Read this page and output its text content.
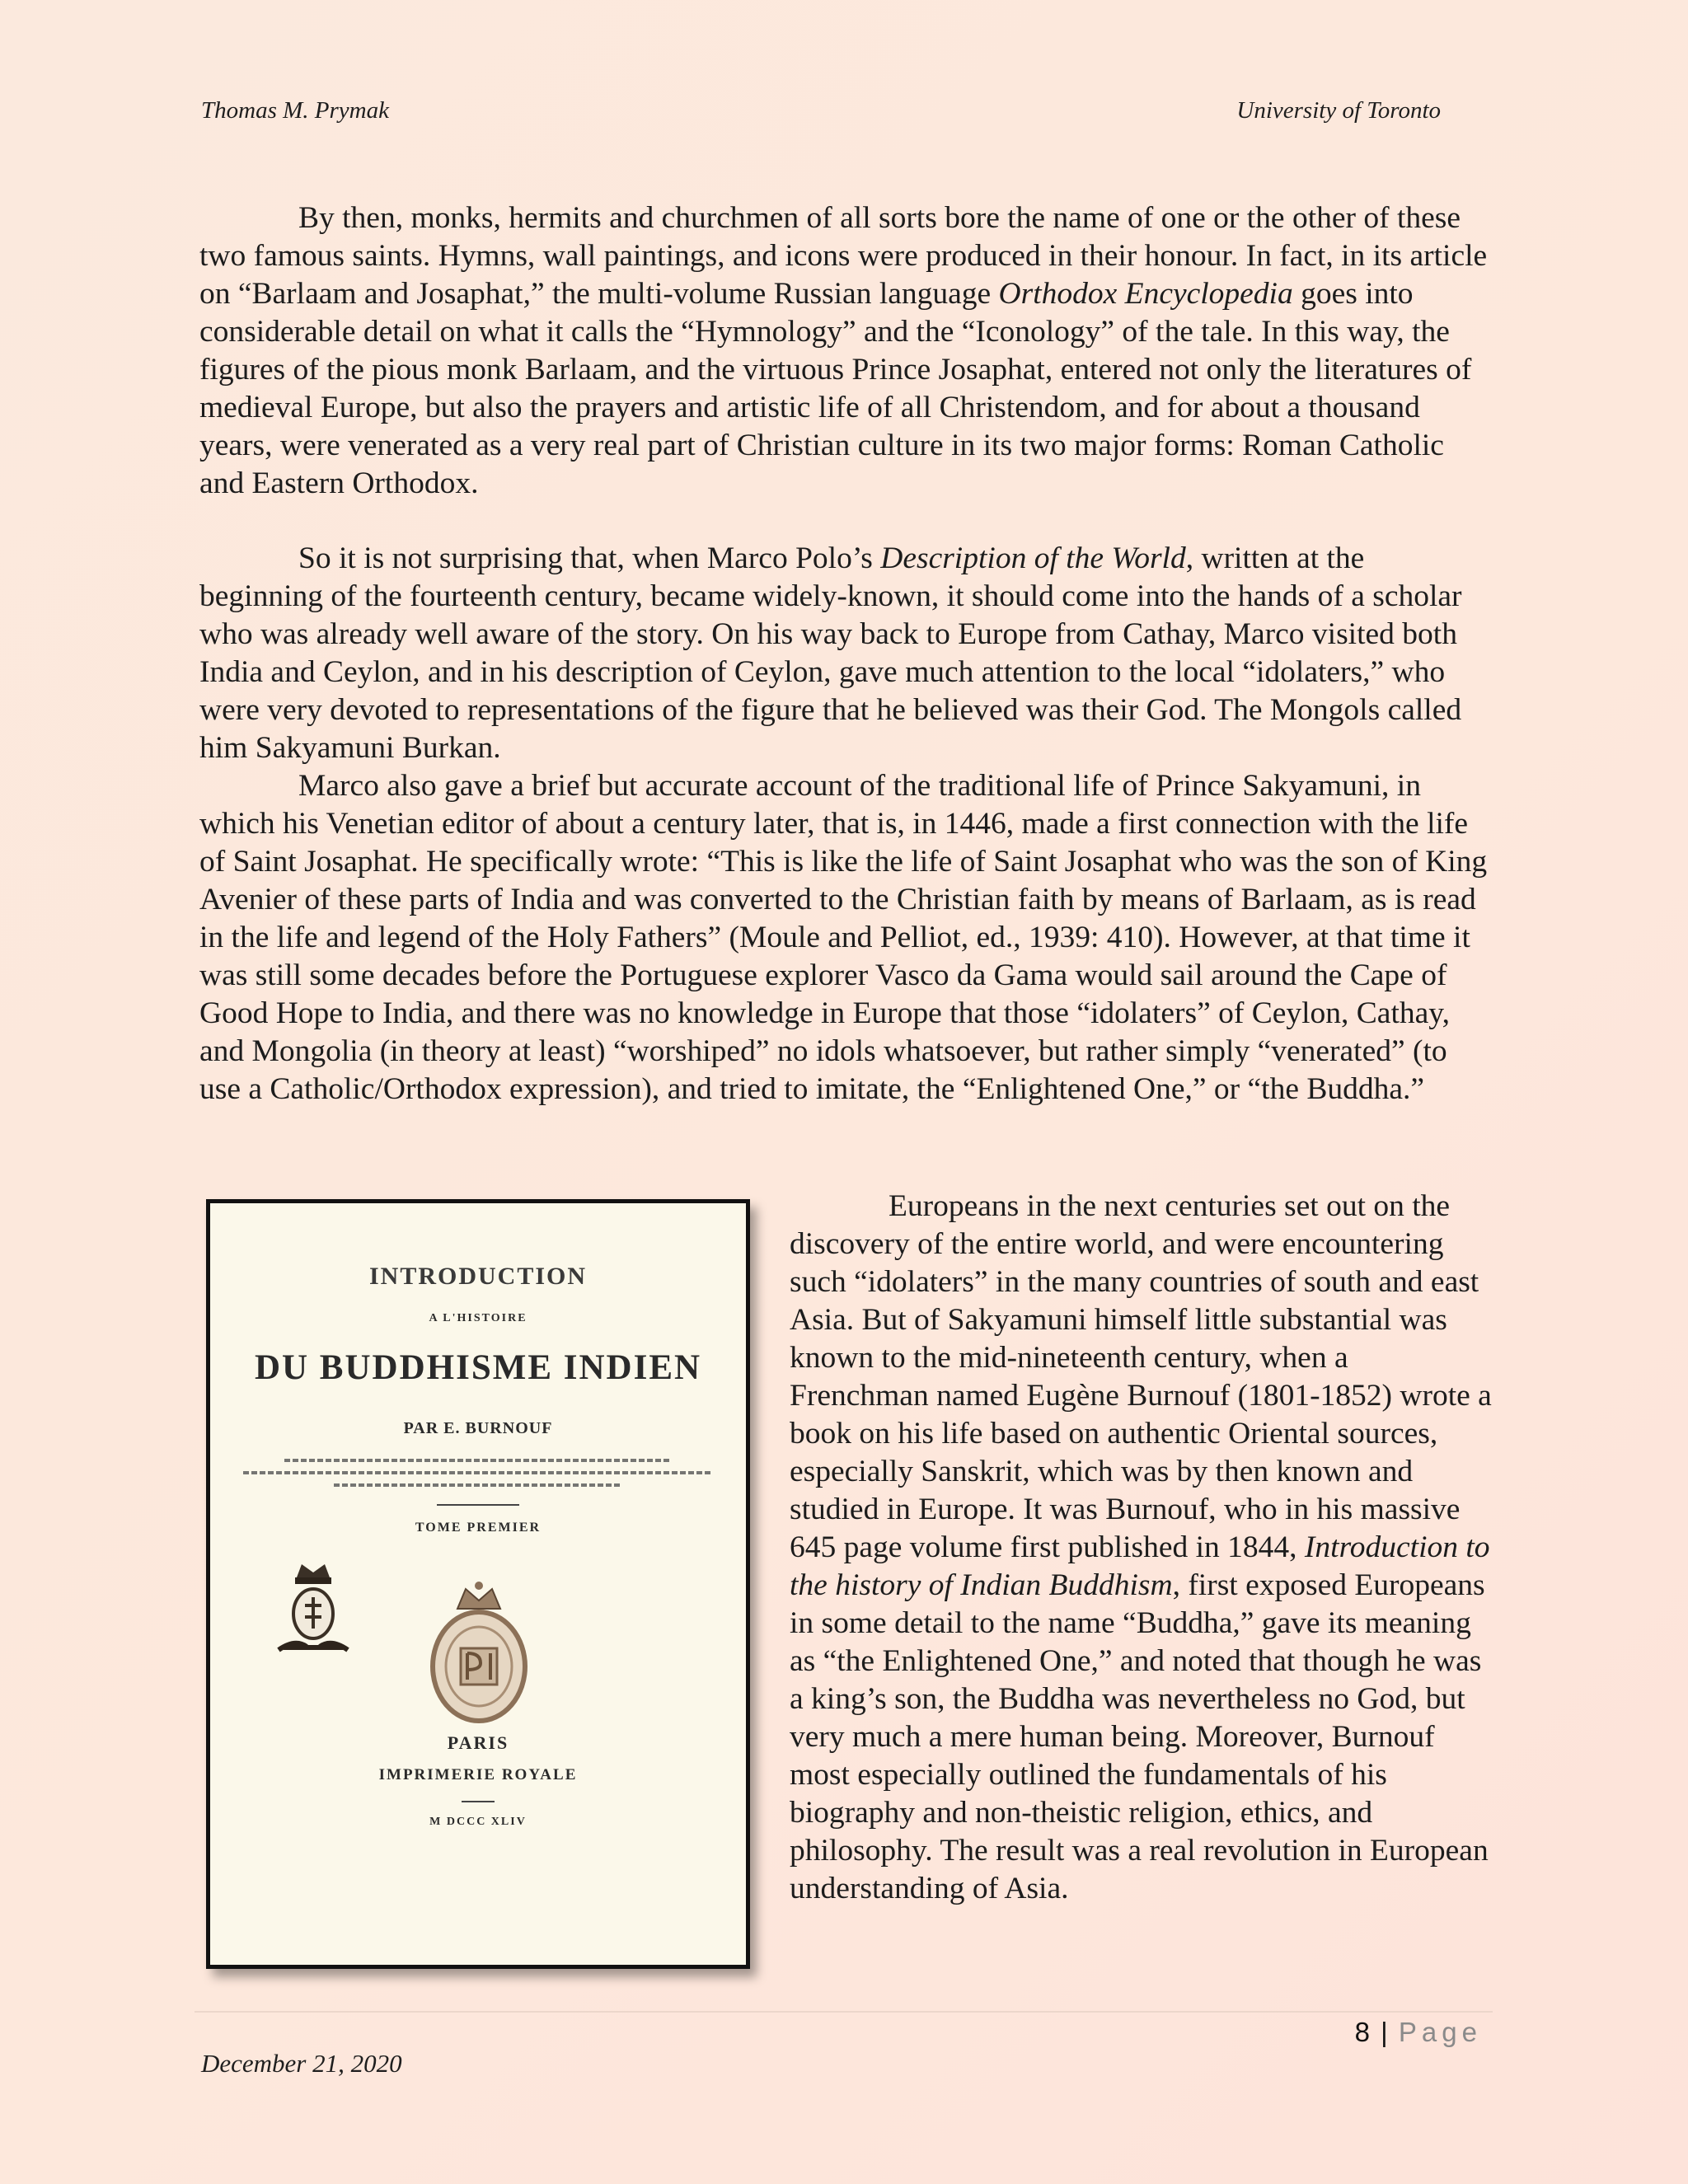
Thomas M. Prymak	University of Toronto

By then, monks, hermits and churchmen of all sorts bore the name of one or the other of these two famous saints. Hymns, wall paintings, and icons were produced in their honour. In fact, in its article on “Barlaam and Josaphat,” the multi-volume Russian language Orthodox Encyclopedia goes into considerable detail on what it calls the “Hymnology” and the “Iconology” of the tale. In this way, the figures of the pious monk Barlaam, and the virtuous Prince Josaphat, entered not only the literatures of medieval Europe, but also the prayers and artistic life of all Christendom, and for about a thousand years, were venerated as a very real part of Christian culture in its two major forms: Roman Catholic and Eastern Orthodox.

So it is not surprising that, when Marco Polo’s Description of the World, written at the beginning of the fourteenth century, became widely-known, it should come into the hands of a scholar who was already well aware of the story. On his way back to Europe from Cathay, Marco visited both India and Ceylon, and in his description of Ceylon, gave much attention to the local “idolaters,” who were very devoted to representations of the figure that he believed was their God. The Mongols called him Sakyamuni Burkan.

Marco also gave a brief but accurate account of the traditional life of Prince Sakyamuni, in which his Venetian editor of about a century later, that is, in 1446, made a first connection with the life of Saint Josaphat. He specifically wrote: “This is like the life of Saint Josaphat who was the son of King Avenier of these parts of India and was converted to the Christian faith by means of Barlaam, as is read in the life and legend of the Holy Fathers” (Moule and Pelliot, ed., 1939: 410). However, at that time it was still some decades before the Portuguese explorer Vasco da Gama would sail around the Cape of Good Hope to India, and there was no knowledge in Europe that those “idolaters” of Ceylon, Cathay, and Mongolia (in theory at least) “worshiped” no idols whatsoever, but rather simply “venerated” (to use a Catholic/Orthodox expression), and tried to imitate, the “Enlightened One,” or “the Buddha.”

INTRODUCTION
A L'HISTOIRE
DU BUDDHISME INDIEN
PAR E. BURNOUF
TOME PREMIER
PARIS
IMPRIMERIE ROYALE
M DCCC XLIV

Europeans in the next centuries set out on the discovery of the entire world, and were encountering such “idolaters” in the many countries of south and east Asia. But of Sakyamuni himself little substantial was known to the mid-nineteenth century, when a Frenchman named Eugène Burnouf (1801-1852) wrote a book on his life based on authentic Oriental sources, especially Sanskrit, which was by then known and studied in Europe. It was Burnouf, who in his massive 645 page volume first published in 1844, Introduction to the history of Indian Buddhism, first exposed Europeans in some detail to the name “Buddha,” gave its meaning as “the Enlightened One,” and noted that though he was a king’s son, the Buddha was nevertheless no God, but very much a mere human being. Moreover, Burnouf most especially outlined the fundamentals of his biography and non-theistic religion, ethics, and philosophy. The result was a real revolution in European understanding of Asia.

8 | Page
December 21, 2020
